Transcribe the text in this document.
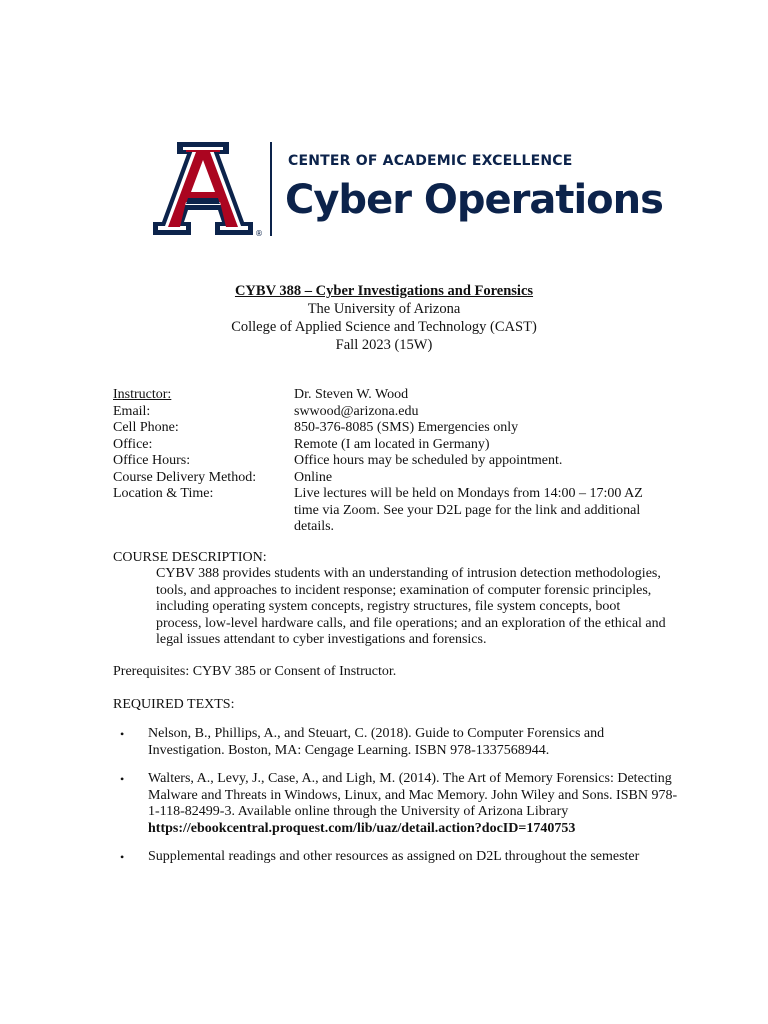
®
CENTER OF ACADEMIC EXCELLENCE
Cyber Operations
CYBV 388 – Cyber Investigations and Forensics
The University of Arizona
College of Applied Science and Technology (CAST)
Fall 2023 (15W)
Instructor:	Dr. Steven W. Wood
Email:	swwood@arizona.edu
Cell Phone:	850-376-8085 (SMS) Emergencies only
Office:	Remote (I am located in Germany)
Office Hours:	Office hours may be scheduled by appointment.
Course Delivery Method:	Online
Location & Time:	Live lectures will be held on Mondays from 14:00 – 17:00 AZ time via Zoom. See your D2L page for the link and additional details.
COURSE DESCRIPTION:
CYBV 388 provides students with an understanding of intrusion detection methodologies, tools, and approaches to incident response; examination of computer forensic principles, including operating system concepts, registry structures, file system concepts, boot process, low-level hardware calls, and file operations; and an exploration of the ethical and legal issues attendant to cyber investigations and forensics.
Prerequisites: CYBV 385 or Consent of Instructor.
REQUIRED TEXTS:
• Nelson, B., Phillips, A., and Steuart, C. (2018). Guide to Computer Forensics and Investigation. Boston, MA: Cengage Learning. ISBN 978-1337568944.
• Walters, A., Levy, J., Case, A., and Ligh, M. (2014). The Art of Memory Forensics: Detecting Malware and Threats in Windows, Linux, and Mac Memory. John Wiley and Sons. ISBN 978-1-118-82499-3. Available online through the University of Arizona Library
https://ebookcentral.proquest.com/lib/uaz/detail.action?docID=1740753
• Supplemental readings and other resources as assigned on D2L throughout the semester
